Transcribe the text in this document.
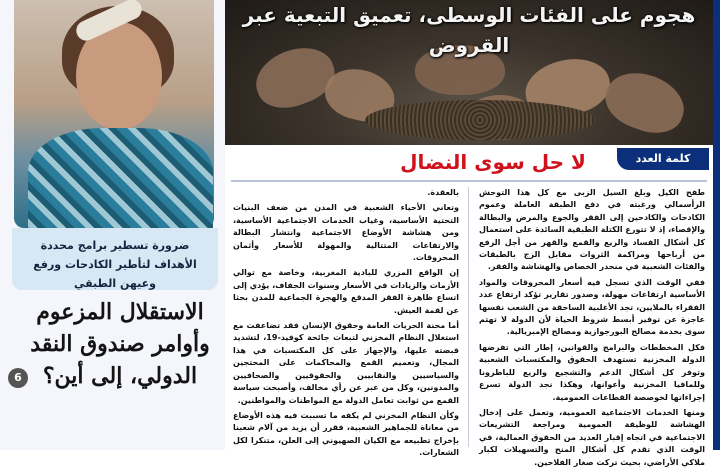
ضرورة تسطير برامج محددة الأهداف لتأطير الكادحات ورفع وعيهن الطبقي
الاستقلال المزعوم وأوامر صندوق النقد الدولي، إلى أين؟
6
هجوم على الفئات الوسطى، تعميق التبعية عبر القروض
كلمة العدد
لا حل سوى النضال

طفح الكيل وبلغ السيل الزبى مع كل هذا التوحش الرأسمالي ورغبته في دفع الطبقة العاملة وعموم الكادحات والكادحين إلى الفقر والجوع والمرض والبطالة والإقصاء، إذ لا تتورع الكتلة الطبقية السائدة على استعمال كل أشكال الفساد والريع والقمع والقهر من أجل الرفع من أرباحها ومراكمة الثروات مقابل الزج بالطبقات والفئات الشعبية في منحدر الخصاص والهشاشة والفقر.

ففي الوقت الذي تسجل فيه أسعار المحروقات والمواد الأساسية ارتفاعات مهولة، وصدور تقارير تؤكد ارتفاع عدد الفقراء بالملايين، تجد الأغلبية الساحقة من الشعب نفسها عاجزة عن توفير أبسط شروط الحياة لأن الدولة لا تهتم سوى بخدمة مصالح البورجوازية ومصالح الإمبريالية.

فكل المخططات والبرامج والقوانين، إطار التي تفرضها الدولة المخزنية تستهدف الحقوق والمكتسبات الشعبية وتوفر كل أشكال الدعم والتشجيع والريع للباطرونا وللمافيا المخزنية وأعوانها، وهكذا نجد الدولة تسرع إجراءاتها لخوصصة القطاعات العمومية.

ومنها الخدمات الاجتماعية العمومية، وتعمل على إدخال الهشاشة للوظيفة العمومية ومراجعة التشريعات الاجتماعية في اتجاه إقبار العديد من الحقوق العمالية، في الوقت الذي تقدم كل أشكال المنح والتسهيلات لكبار ملاكي الأراضي، بحيث تركت صغار الفلاحين.

بالعقدة.

وتعاني الأحياء الشعبية في المدن من ضعف البنيات التحتية الأساسية، وغياب الخدمات الاجتماعية الأساسية، ومن هشاشة الأوضاع الاجتماعية وانتشار البطالة والارتفاعات المتتالية والمهولة للأسعار وأثمان المحروقات.

إن الواقع المزري للبادية المغربية، وخاصة مع توالي الأزمات والزيادات في الأسعار وسنوات الجفاف، يؤدي إلى اتساع ظاهرة الفقر المدقع والهجرة الجماعية للمدن بحثا عن لقمة العيش.

أما محنة الحريات العامة وحقوق الإنسان فقد تضاعفت مع استغلال النظام المخزني لتبعات جائحة كوفيد-19، لتشديد قبضته عليها، والإجهاز على كل المكتسبات في هذا المجال، وتعميم القمع والمحاكمات على المحتجين والسياسيين والنقابيين والحقوقيين والصحافيين والمدونين، وكل من عبر عن رأي مخالف، وأصبحت سياسة القمع من ثوابت تعامل الدولة مع المواطنات والمواطنين.

وكأن النظام المخزني لم يكفه ما تسببت فيه هذه الأوضاع من معاناة للجماهير الشعبية، فقرر أن يزيد من آلام شعبنا بإخراج تطبيعه مع الكيان الصهيوني إلى العلن، متنكرا لكل الشعارات.
